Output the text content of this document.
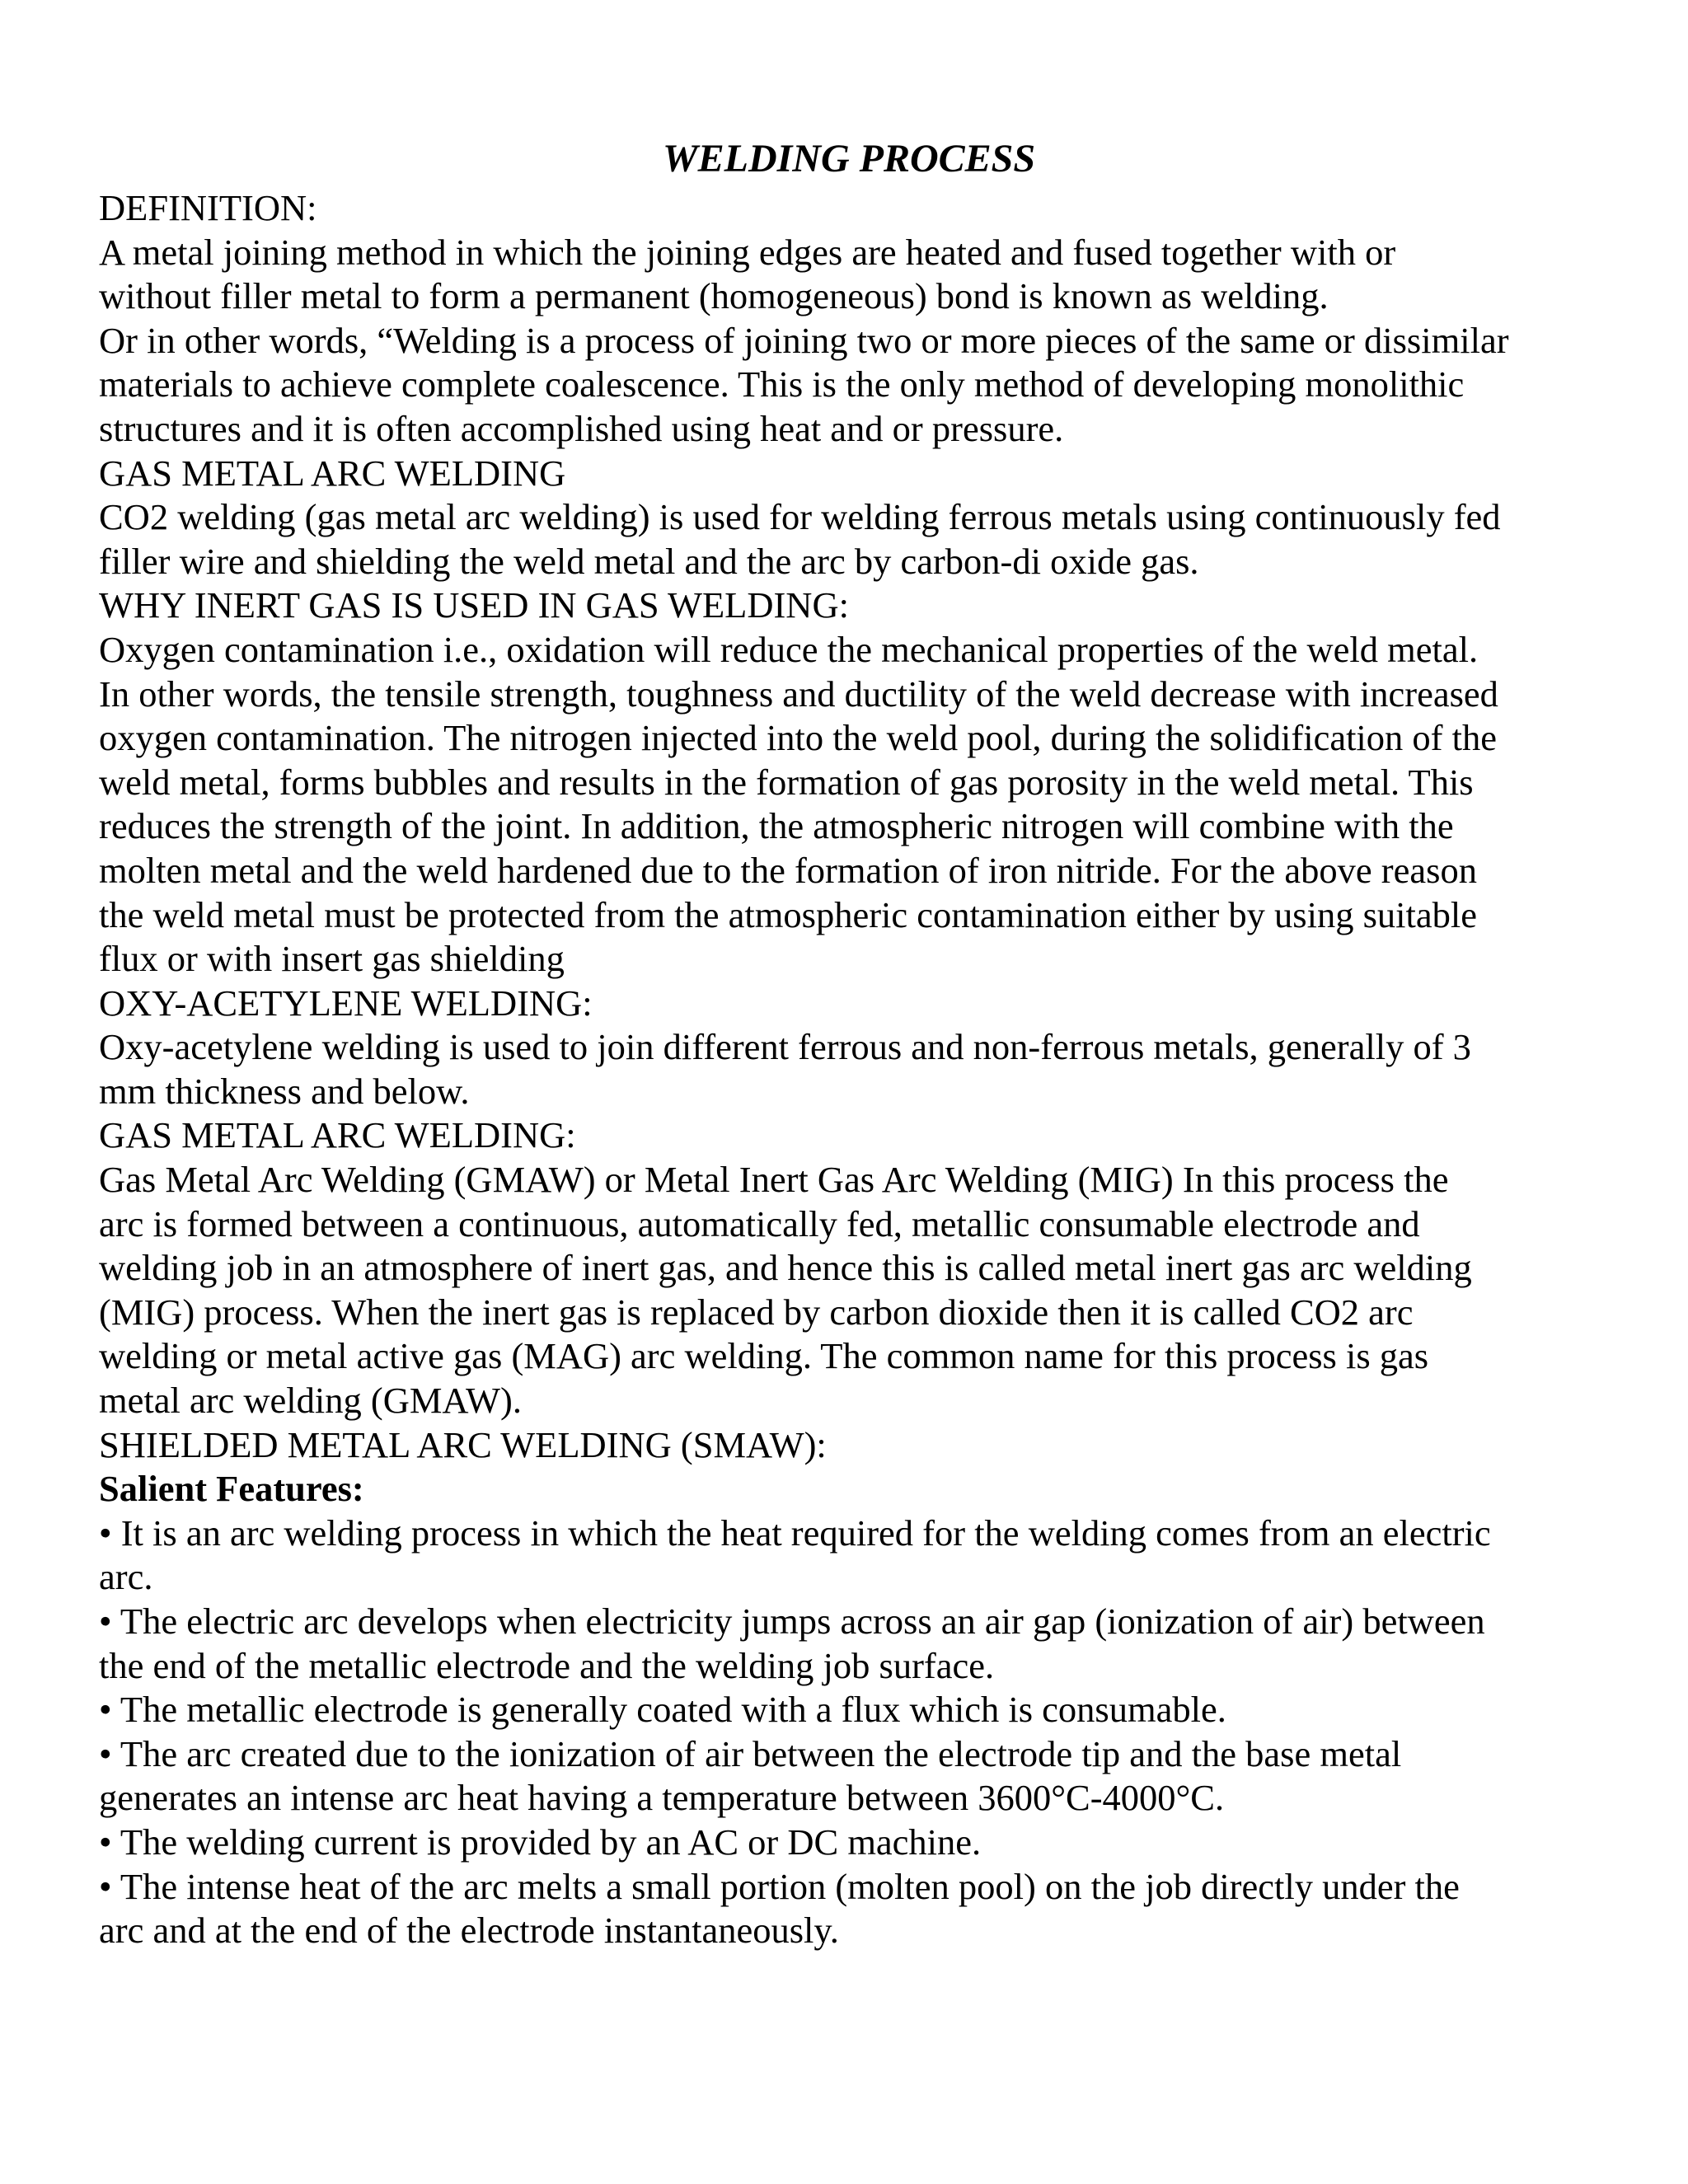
WELDING PROCESS
DEFINITION:
A metal joining method in which the joining edges are heated and fused together with or
without filler metal to form a permanent (homogeneous) bond is known as welding.
Or in other words, “Welding is a process of joining two or more pieces of the same or dissimilar
materials to achieve complete coalescence. This is the only method of developing monolithic
structures and it is often accomplished using heat and or pressure.
GAS METAL ARC WELDING
CO2 welding (gas metal arc welding) is used for welding ferrous metals using continuously fed
filler wire and shielding the weld metal and the arc by carbon-di oxide gas.
WHY INERT GAS IS USED IN GAS WELDING:
Oxygen contamination i.e., oxidation will reduce the mechanical properties of the weld metal.
In other words, the tensile strength, toughness and ductility of the weld decrease with increased
oxygen contamination. The nitrogen injected into the weld pool, during the solidification of the
weld metal, forms bubbles and results in the formation of gas porosity in the weld metal. This
reduces the strength of the joint. In addition, the atmospheric nitrogen will combine with the
molten metal and the weld hardened due to the formation of iron nitride. For the above reason
the weld metal must be protected from the atmospheric contamination either by using suitable
flux or with insert gas shielding
OXY-ACETYLENE WELDING:
Oxy-acetylene welding is used to join different ferrous and non-ferrous metals, generally of 3
mm thickness and below.
GAS METAL ARC WELDING:
Gas Metal Arc Welding (GMAW) or Metal Inert Gas Arc Welding (MIG) In this process the
arc is formed between a continuous, automatically fed, metallic consumable electrode and
welding job in an atmosphere of inert gas, and hence this is called metal inert gas arc welding
(MIG) process. When the inert gas is replaced by carbon dioxide then it is called CO2 arc
welding or metal active gas (MAG) arc welding. The common name for this process is gas
metal arc welding (GMAW).
SHIELDED METAL ARC WELDING (SMAW):
Salient Features:
• It is an arc welding process in which the heat required for the welding comes from an electric
arc.
• The electric arc develops when electricity jumps across an air gap (ionization of air) between
the end of the metallic electrode and the welding job surface.
• The metallic electrode is generally coated with a flux which is consumable.
• The arc created due to the ionization of air between the electrode tip and the base metal
generates an intense arc heat having a temperature between 3600°C-4000°C.
• The welding current is provided by an AC or DC machine.
• The intense heat of the arc melts a small portion (molten pool) on the job directly under the
arc and at the end of the electrode instantaneously.
